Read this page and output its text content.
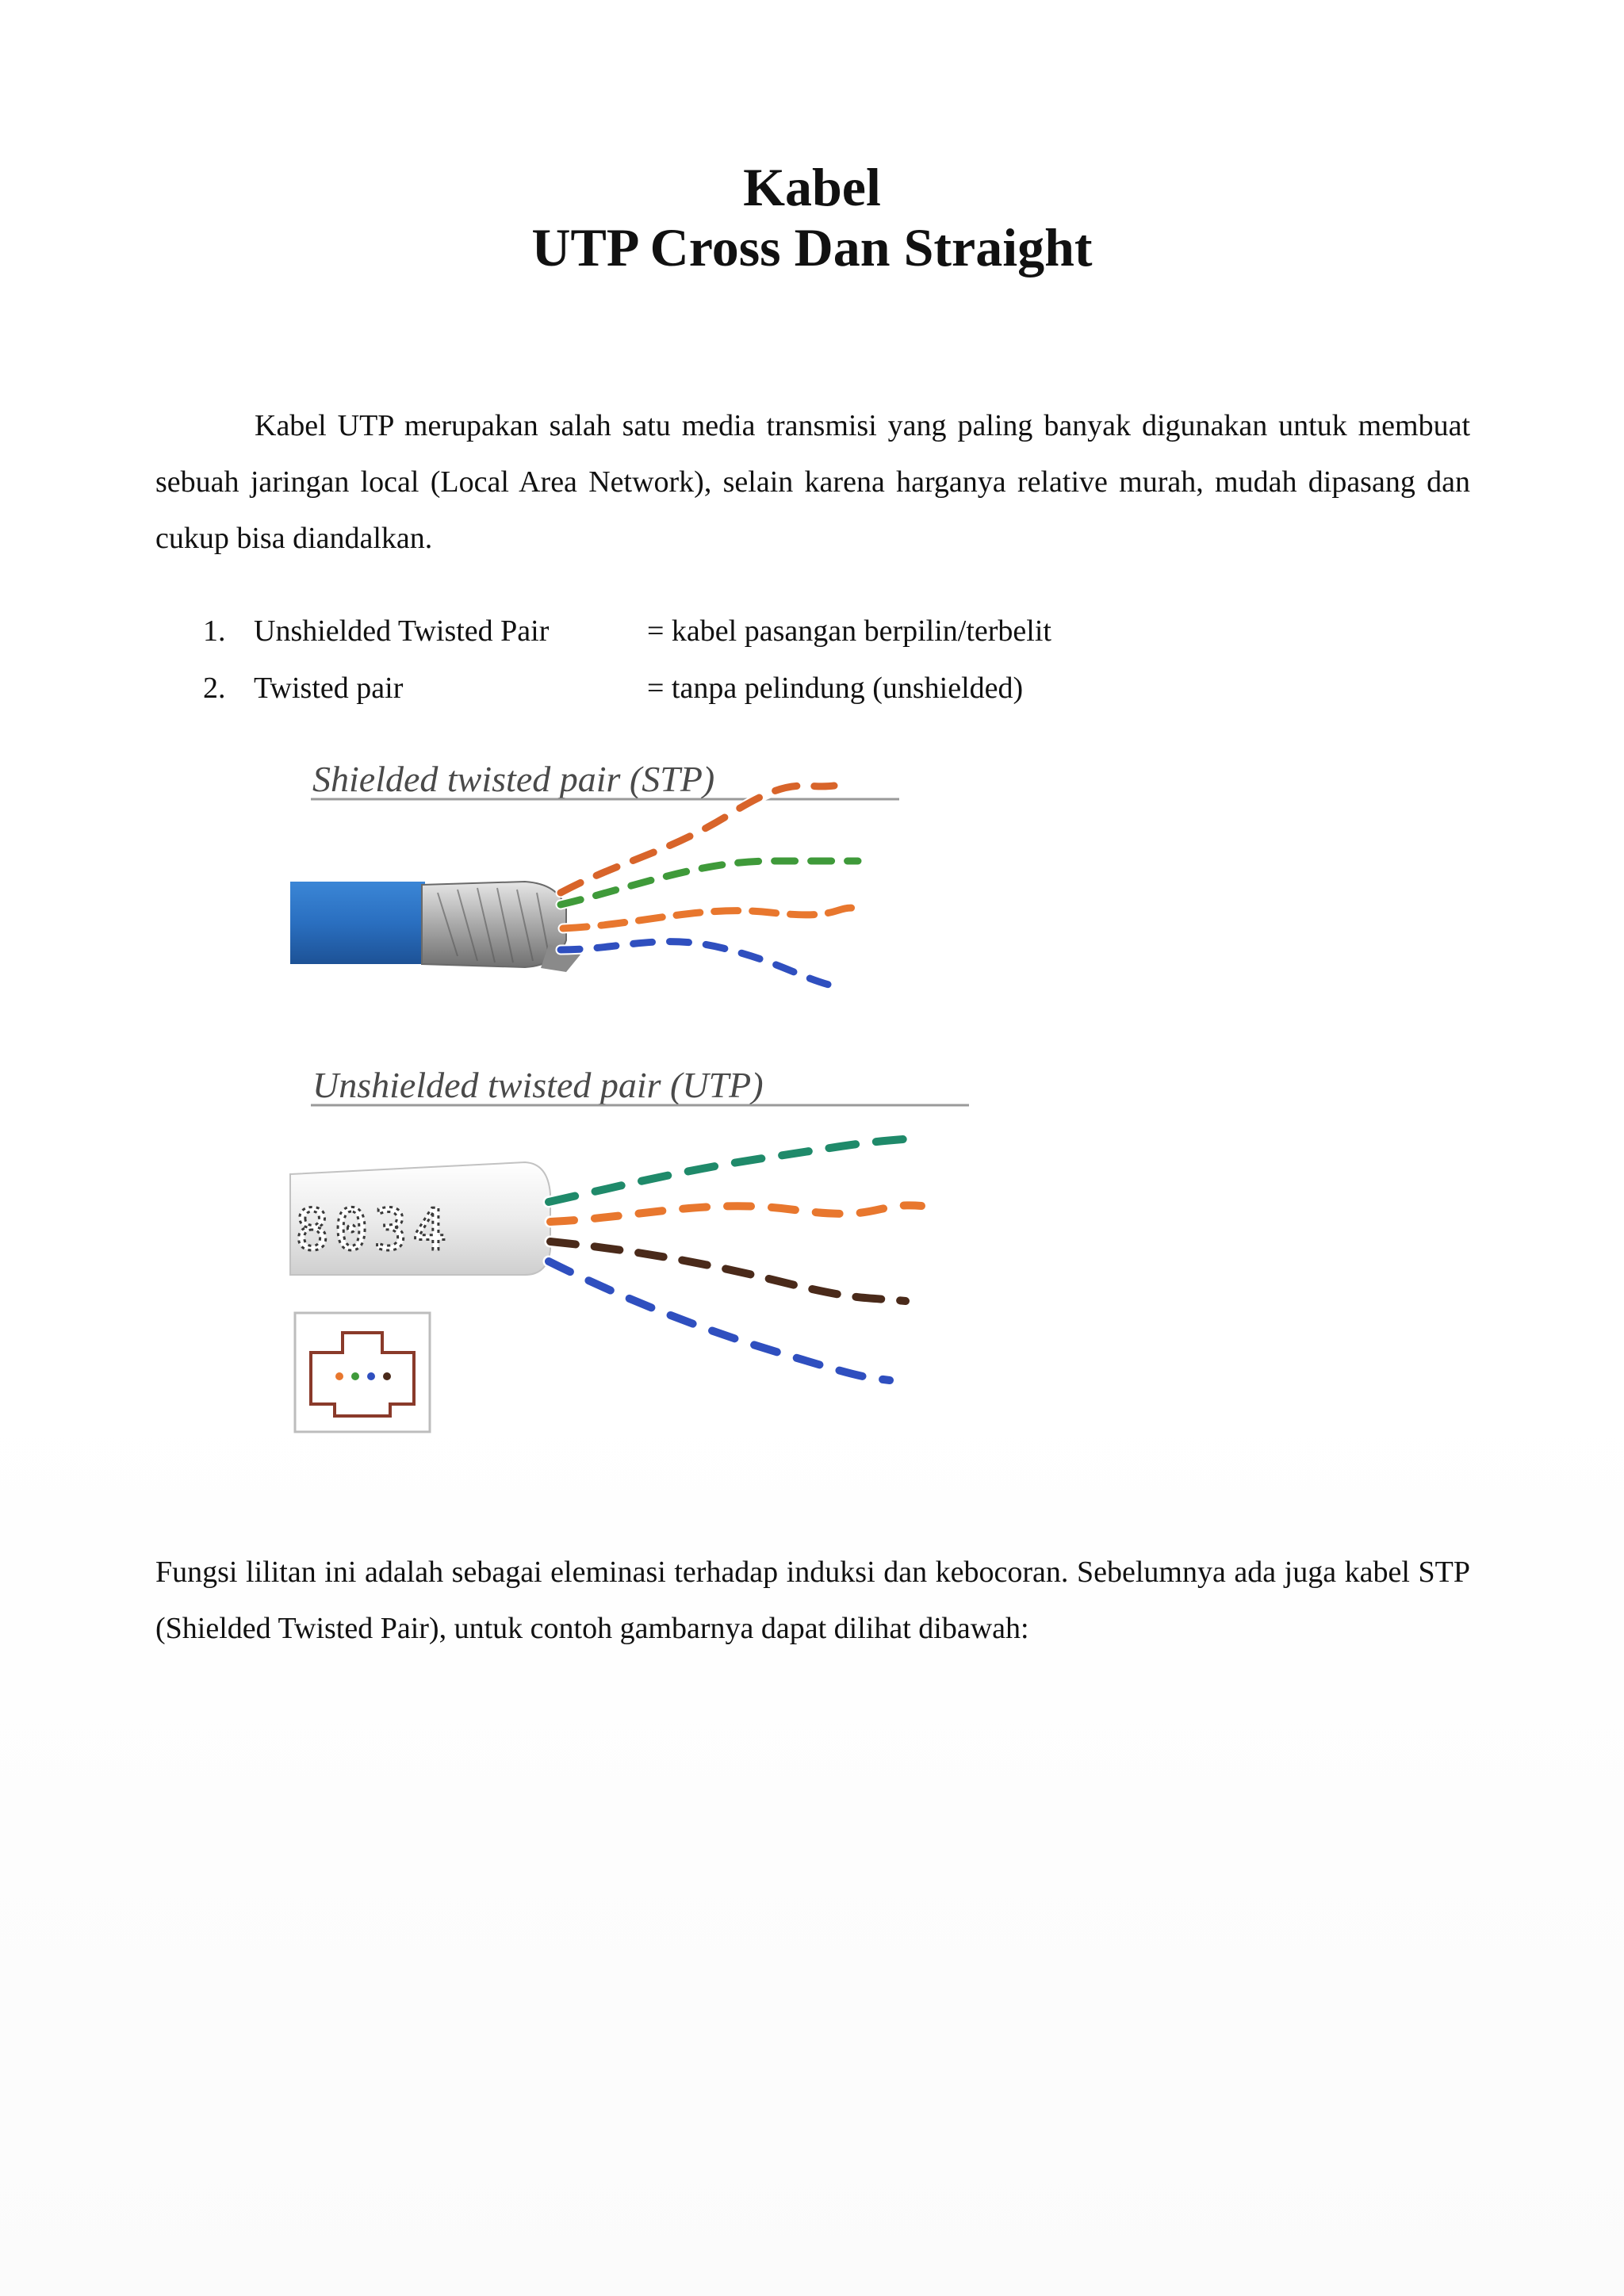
Kabel
UTP Cross Dan Straight
Kabel UTP merupakan salah satu media transmisi yang paling banyak digunakan untuk membuat sebuah jaringan local (Local Area Network), selain karena harganya relative murah, mudah dipasang dan cukup bisa diandalkan.
1. Unshielded Twisted Pair	= kabel pasangan berpilin/terbelit
2. Twisted pair	= tanpa pelindung (unshielded)
Shielded twisted pair (STP)
Unshielded twisted pair (UTP)
8034
Fungsi lilitan ini adalah sebagai eleminasi terhadap induksi dan kebocoran. Sebelumnya ada juga kabel STP (Shielded Twisted Pair), untuk contoh gambarnya dapat dilihat dibawah:
